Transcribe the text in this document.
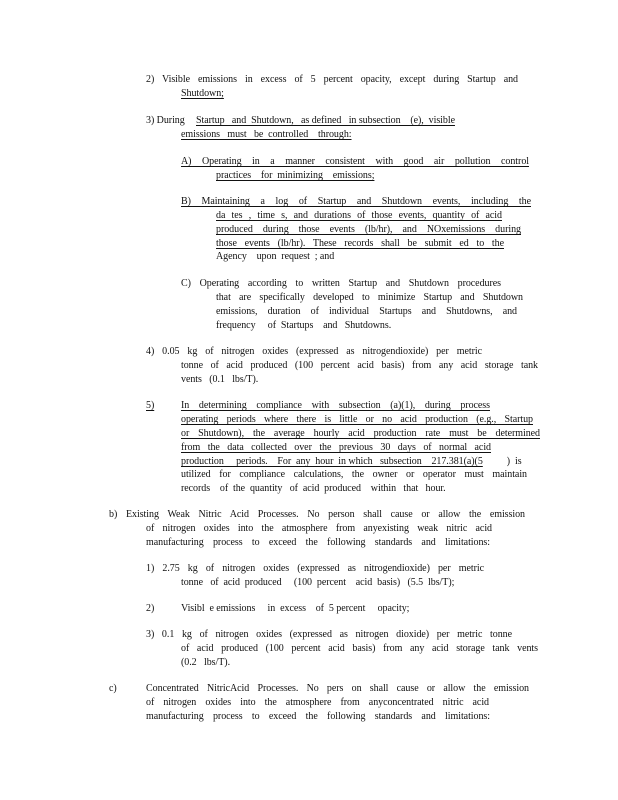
2) Visible emissions in excess of 5 percent opacity, except during Startup and
Shutdown;
3) During Startup   and  Shutdown,   as defined   in subsection    (e),  visible
emissions   must   be  controlled    through:
A) Operating in a manner consistent with good air pollution control
practices    for  minimizing    emissions;
B) Maintaining a log of Startup and Shutdown events, including the
da tes , time s, and durations of those events, quantity of acid
produced during those events (lb/hr), and NOxemissions during
those events (lb/hr). These records shall be submit ed to the
Agency    upon  request  ; and
C) Operating according to written Startup and Shutdown procedures
that are specifically developed to minimize Startup and Shutdown
emissions, duration of individual Startups and Shutdowns, and
frequency     of  Startups    and   Shutdowns.
4) 0.05 kg of nitrogen oxides (expressed as nitrogendioxide) per metric
tonne of acid produced (100 percent acid basis) from any acid storage tank
vents   (0.1   lbs/T).
5)	In determining compliance with subsection (a)(1), during process
operating periods where there is little or no acid production (e.g., Startup
or Shutdown), the average hourly acid production rate must be determined
from the data collected over the previous 30 days of normal acid
production     periods.    For  any  hour  in which   subsection    217.381(a)(5 )  is
utilized for compliance calculations, the owner or operator must maintain
records    of  the  quantity   of  acid  produced    within   that   hour.
b) Existing Weak Nitric Acid Processes. No person shall cause or allow the emission
of nitrogen oxides into the atmosphere from anyexisting weak nitric acid
manufacturing process to exceed the following standards and limitations:
1) 2.75 kg of nitrogen oxides (expressed as nitrogendioxide) per metric
tonne   of  acid  produced     (100  percent    acid  basis)   (5.5  lbs/T);
2)	Visibl  e emissions     in  excess    of  5 percent     opacity;
3) 0.1 kg of nitrogen oxides (expressed as nitrogen dioxide) per metric tonne
of acid produced (100 percent acid basis) from any acid storage tank vents
(0.2   lbs/T).
c)	Concentrated NitricAcid Processes. No pers on shall cause or allow the emission
of nitrogen oxides into the atmosphere from anyconcentrated nitric acid
manufacturing process to exceed the following standards and limitations:
